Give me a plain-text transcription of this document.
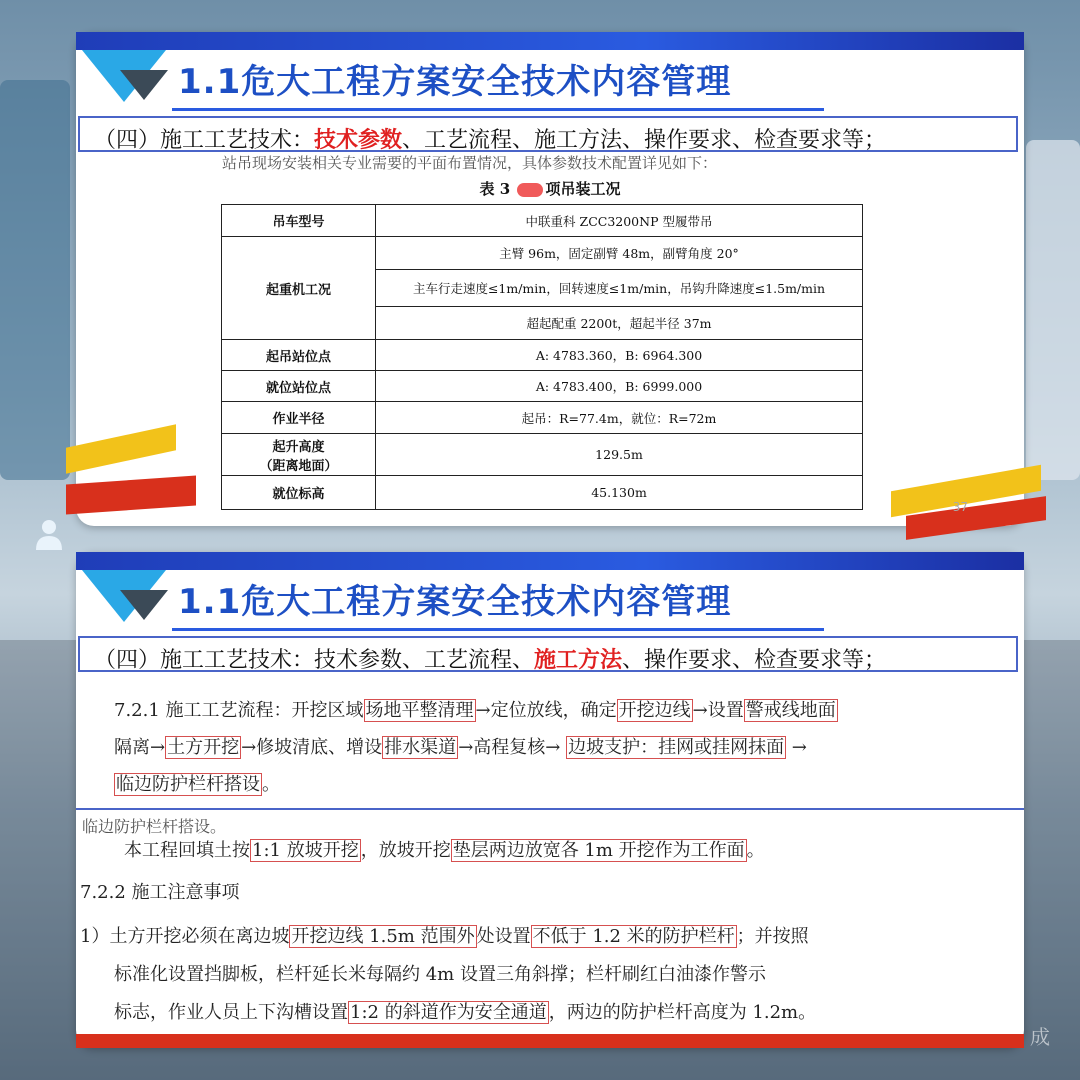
1.1危大工程方案安全技术内容管理
（四）施工工艺技术：技术参数、工艺流程、施工方法、操作要求、检查要求等；
站吊现场安装相关专业需要的平面布置情况，具体参数技术配置详见如下：
表 3 项吊装工况
吊车型号	中联重科 ZCC3200NP 型履带吊
起重机工况	主臂 96m，固定副臂 48m，副臂角度 20°
	主车行走速度≤1m/min，回转速度≤1m/min，吊钩升降速度≤1.5m/min
	超起配重 2200t，超起半径 37m
起吊站位点	A: 4783.360，B: 6964.300
就位站位点	A: 4783.400，B: 6999.000
作业半径	起吊：R=77.4m，就位：R=72m

起升高度
（距离地面）	129.5m
就位标高	45.130m
37
1.1危大工程方案安全技术内容管理
（四）施工工艺技术：技术参数、工艺流程、施工方法、操作要求、检查要求等；
7.2.1 施工工艺流程：开挖区域 场地平整清理 →定位放线，确定 开挖边线 →设置 警戒线地面
隔离→ 土方开挖 →修坡清底、增设 排水渠道 →高程复核→ 边坡支护：挂网或挂网抹面 →
临边防护栏杆搭设 。
临边防护栏杆搭设。
本工程回填土按 1:1 放坡开挖 ，放坡开挖 垫层两边放宽各 1m 开挖作为工作面 。
7.2.2 施工注意事项
1）土方开挖必须在离边坡 开挖边线 1.5m 范围外 处设置 不低于 1.2 米的防护栏杆 ；并按照
标准化设置挡脚板，栏杆延长米每隔约 4m 设置三角斜撑；栏杆刷红白油漆作警示
标志，作业人员上下沟槽设置 1:2 的斜道作为安全通道 ，两边的防护栏杆高度为 1.2m。
成
